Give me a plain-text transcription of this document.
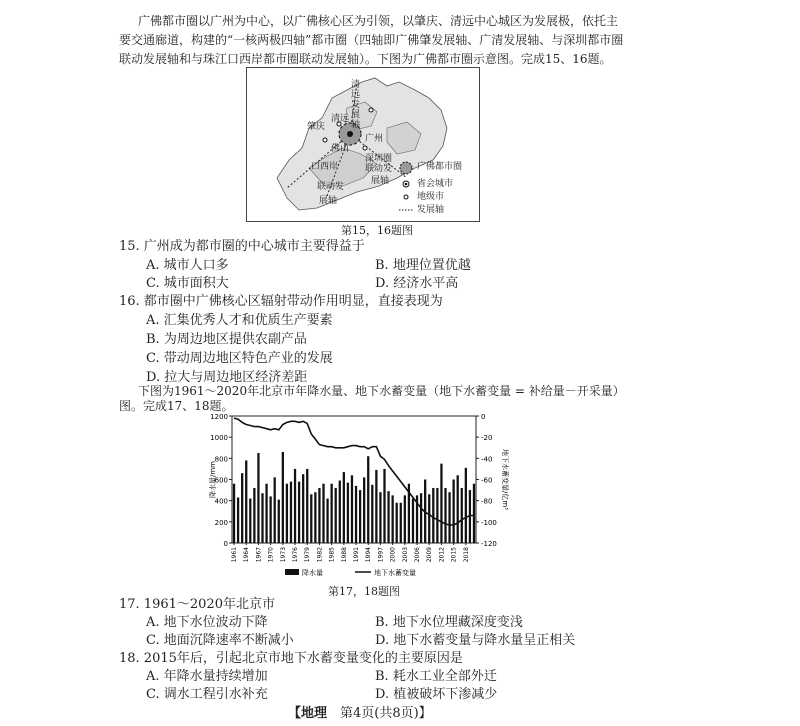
广佛都市圈以广州为中心，以广佛核心区为引领，以肇庆、清远中心城区为发展极，依托主
要交通廊道，构建的“一核两极四轴”都市圈（四轴即广佛肇发展轴、广清发展轴、与深圳都市圈
联动发展轴和与珠江口西岸都市圈联动发展轴）。下图为广佛都市圈示意图。完成15、16题。
清远发展轴
肇庆
清远
广州
佛山
口西岸
联动发
展轴
深圳圈
联动发
展轴
广佛都市圈
省会城市
地级市
发展轴
第15，16题图
15. 广州成为都市圈的中心城市主要得益于
A. 城市人口多	B. 地理位置优越
C. 城市面积大	D. 经济水平高
16. 都市圈中广佛核心区辐射带动作用明显，直接表现为
A. 汇集优秀人才和优质生产要素
B. 为周边地区提供农副产品
C. 带动周边地区特色产业的发展
D. 拉大与周边地区经济差距
下图为1961～2020年北京市年降水量、地下水蓄变量（地下水蓄变量 = 补给量－开采量）
图。完成17、18题。
0
200
400
600
800
1000
1200	0
-20
-40
-60
-80
-100
-120
1961 1964 1967 1970 1973 1976 1979 1982 1985 1988 1991 1994 1997 2000 2003 2006 2009 2012 2015 2018
降水量/mm	地下水蓄变量/亿m³
降水量	地下水蓄变量
第17，18题图
17. 1961～2020年北京市
A. 地下水位波动下降	B. 地下水位埋藏深度变浅
C. 地面沉降速率不断减小	D. 地下水蓄变量与降水量呈正相关
18. 2015年后，引起北京市地下水蓄变量变化的主要原因是
A. 年降水量持续增加	B. 耗水工业全部外迁
C. 调水工程引水补充	D. 植被破坏下渗减少
【地理 第4页(共8页)】
